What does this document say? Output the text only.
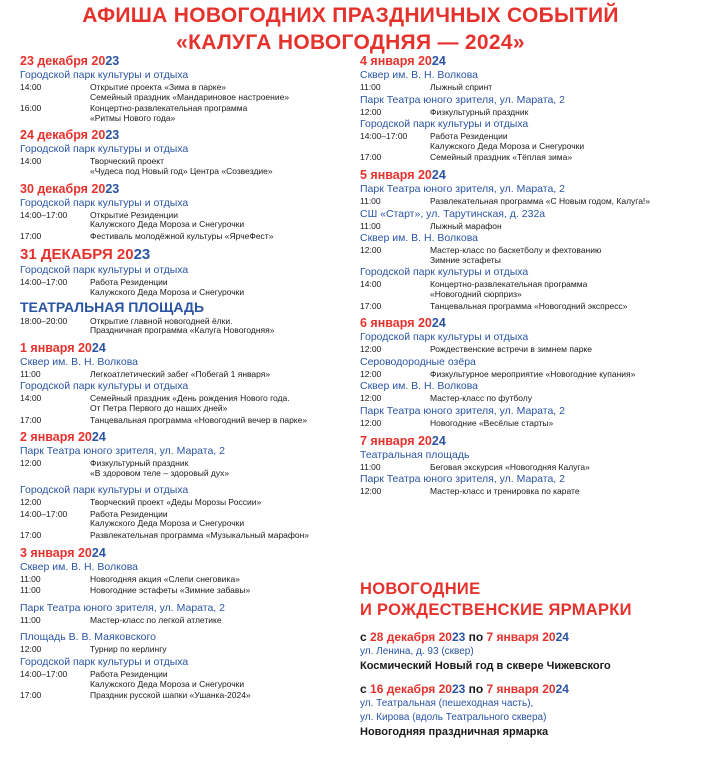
АФИША НОВОГОДНИХ ПРАЗДНИЧНЫХ СОБЫТИЙ
«КАЛУГА НОВОГОДНЯЯ — 2024»
23 декабря 2023
Городской парк культуры и отдыха
14:00	Открытие проекта «Зима в парке»
Семейный праздник «Мандариновое настроение»
16:00	Концертно-развлекательная программа
«Ритмы Нового года»
24 декабря 2023
Городской парк культуры и отдыха
14:00	Творческий проект
«Чудеса под Новый год» Центра «Созвездие»
30 декабря 2023
Городской парк культуры и отдыха
14:00–17:00	Открытие Резиденции
Калужского Деда Мороза и Снегурочки
17:00	Фестиваль молодёжной культуры «ЯрчеФест»
31 ДЕКАБРЯ 2023
Городской парк культуры и отдыха
14:00–17:00	Работа Резиденции
Калужского Деда Мороза и Снегурочки
ТЕАТРАЛЬНАЯ ПЛОЩАДЬ
18:00–20:00	Открытие главной новогодней ёлки.
Праздничная программа «Калуга Новогодняя»
1 января 2024
Сквер им. В. Н. Волкова
11:00	Легкоатлетический забег «Побегай 1 января»
Городской парк культуры и отдыха
14:00	Семейный праздник «День рождения Нового года.
От Петра Первого до наших дней»
17:00	Танцевальная программа «Новогодний вечер в парке»
2 января 2024
Парк Театра юного зрителя, ул. Марата, 2
12:00	Физкультурный праздник
«В здоровом теле – здоровый дух»
Городской парк культуры и отдыха
12:00	Творческий проект «Деды Морозы России»
14:00–17:00	Работа Резиденции
Калужского Деда Мороза и Снегурочки
17:00	Развлекательная программа «Музыкальный марафон»
3 января 2024
Сквер им. В. Н. Волкова
11:00	Новогодняя акция «Слепи снеговика»
11:00	Новогодние эстафеты «Зимние забавы»
Парк Театра юного зрителя, ул. Марата, 2
11:00	Мастер-класс по легкой атлетике
Площадь В. В. Маяковского
12:00	Турнир по керлингу
Городской парк культуры и отдыха
14:00–17:00	Работа Резиденции
Калужского Деда Мороза и Снегурочки
17:00	Праздник русской шапки «Ушанка-2024»
4 января 2024
Сквер им. В. Н. Волкова
11:00	Лыжный спринт
Парк Театра юного зрителя, ул. Марата, 2
12:00	Физкультурный праздник
Городской парк культуры и отдыха
14:00–17:00	Работа Резиденции
Калужского Деда Мороза и Снегурочки
17:00	Семейный праздник «Тёплая зима»
5 января 2024
Парк Театра юного зрителя, ул. Марата, 2
11:00	Развлекательная программа «С Новым годом, Калуга!»
СШ «Старт», ул. Тарутинская, д. 232а
11:00	Лыжный марафон
Сквер им. В. Н. Волкова
12:00	Мастер-класс по баскетболу и фехтованию
Зимние эстафеты
Городской парк культуры и отдыха
14:00	Концертно-развлекательная программа
«Новогодний сюрприз»
17:00	Танцевальная программа «Новогодний экспресс»
6 января 2024
Городской парк культуры и отдыха
12:00	Рождественские встречи в зимнем парке
Сероводородные озёра
12:00	Физкультурное мероприятие «Новогодние купания»
Сквер им. В. Н. Волкова
12:00	Мастер-класс по футболу
Парк Театра юного зрителя, ул. Марата, 2
12:00	Новогодние «Весёлые старты»
7 января 2024
Театральная площадь
11:00	Беговая экскурсия «Новогодняя Калуга»
Парк Театра юного зрителя, ул. Марата, 2
12:00	Мастер-класс и тренировка по карате
НОВОГОДНИЕ
И РОЖДЕСТВЕНСКИЕ ЯРМАРКИ
с 28 декабря 2023 по 7 января 2024
ул. Ленина, д. 93 (сквер)
Космический Новый год в сквере Чижевского
с 16 декабря 2023 по 7 января 2024
ул. Театральная (пешеходная часть),
ул. Кирова (вдоль Театрального сквера)
Новогодняя праздничная ярмарка
